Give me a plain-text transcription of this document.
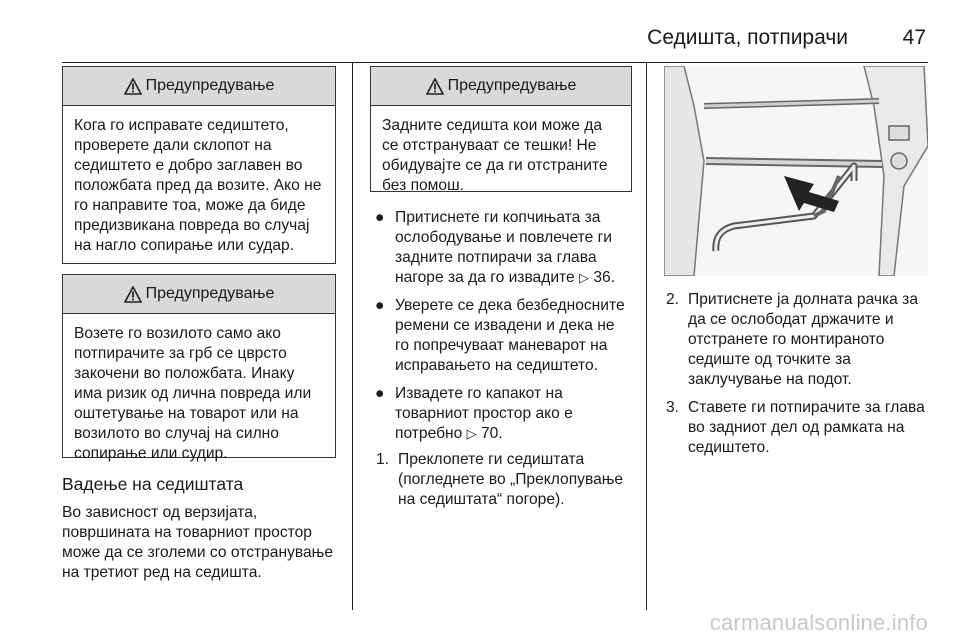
Седишта, потпирачи	47
Предупредување
Кога го исправате седиштето, проверете дали склопот на седиштето е добро заглавен во положбата пред да возите. Ако не го направите тоа, може да биде предизвикана повреда во случај на нагло сопирање или судар.
Предупредување
Возете го возилото само ако потпирачите за грб се цврсто закочени во положбата. Инаку има ризик од лична повреда или оштетување на товарот или на возилото во случај на силно сопирање или судир.
Вадење на седиштата

Во зависност од верзијата, површината на товарниот простор може да се зголеми со отстранување на третиот ред на седишта.

Предупредување
Задните седишта кои може да се отстрануваат се тешки! Не обидувајте се да ги отстраните без помош.
● Притиснете ги копчињата за ослободување и повлечете ги задните потпирачи за глава нагоре за да го извадите ▷ 36.
● Уверете се дека безбедносните ремени се извадени и дека не го попречуваат маневарот на исправањето на седиштето.
● Извадете го капакот на товарниот простор ако е потребно ▷ 70.
1. Преклопете ги седиштата (погледнете во „Преклопување на седиштата“ погоре).
2. Притиснете ја долната рачка за да се ослободат држачите и отстранете го монтираното седиште од точките за заклучување на подот.
3. Ставете ги потпирачите за глава во задниот дел од рамката на седиштето.
carmanualsonline.info
